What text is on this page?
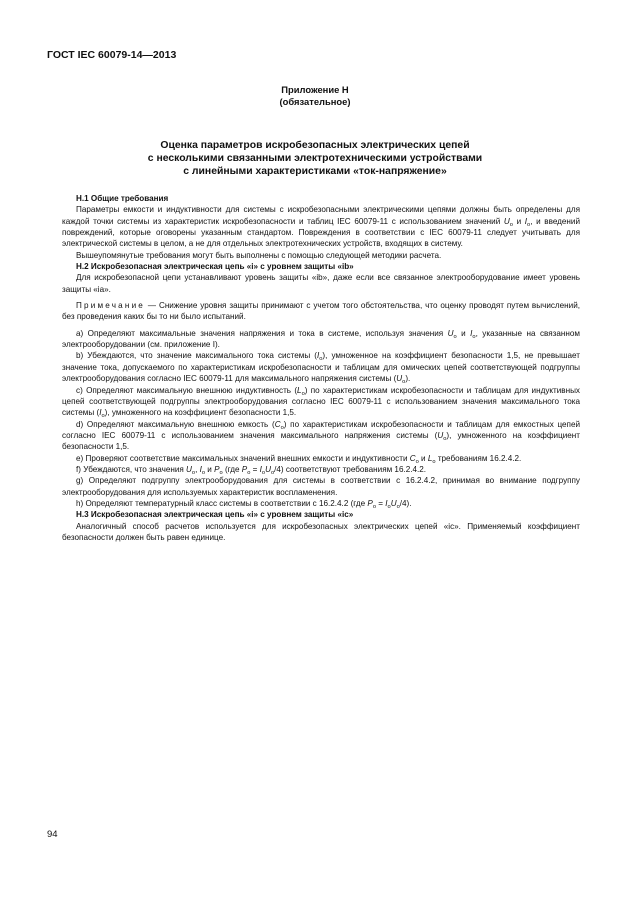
ГОСТ IEC 60079-14—2013
Приложение Н
(обязательное)
Оценка параметров искробезопасных электрических цепей
с несколькими связанными электротехническими устройствами
с линейными характеристиками «ток-напряжение»

Н.1 Общие требования

Параметры емкости и индуктивности для системы с искробезопасными электрическими цепями должны быть определены для каждой точки системы из характеристик искробезопасности и таблиц IEC 60079-11 с использованием значений $U_o$ и $I_o$, и введений повреждений, которые оговорены указанным стандартом. Повреждения в соответствии с IEC 60079-11 следует учитывать для электрической системы в целом, а не для отдельных электротехнических устройств, входящих в систему.

Вышеупомянутые требования могут быть выполнены с помощью следующей методики расчета.

Н.2 Искробезопасная электрическая цепь «i» с уровнем защиты «ib»

Для искробезопасной цепи устанавливают уровень защиты «ib», даже если все связанное электрооборудование имеет уровень защиты «ia».

Примечание — Снижение уровня защиты принимают с учетом того обстоятельства, что оценку проводят путем вычислений, без проведения каких бы то ни было испытаний.

а) Определяют максимальные значения напряжения и тока в системе, используя значения $U_o$ и $I_o$, указанные на связанном электрооборудовании (см. приложение I).

b) Убеждаются, что значение максимального тока системы $(I_o)$, умноженное на коэффициент безопасности 1,5, не превышает значение тока, допускаемого по характеристикам искробезопасности и таблицам для омических цепей соответствующей подгруппы электрооборудования согласно IEC 60079-11 для максимального напряжения системы $(U_o)$.

с) Определяют максимальную внешнюю индуктивность $(L_o)$ по характеристикам искробезопасности и таблицам для индуктивных цепей соответствующей подгруппы электрооборудования согласно IEC 60079-11 с использованием значения максимального тока системы $(I_o)$, умноженного на коэффициент безопасности 1,5.

d) Определяют максимальную внешнюю емкость $(C_o)$ по характеристикам искробезопасности и таблицам для емкостных цепей согласно IEC 60079-11 с использованием значения максимального напряжения системы $(U_o)$, умноженного на коэффициент безопасности 1,5.

е) Проверяют соответствие максимальных значений внешних емкости и индуктивности $C_o$ и $L_o$ требованиям 16.2.4.2.

f) Убеждаются, что значения $U_o$, $I_o$ и $P_o$ (где $P_o = I_oU_o/4$) соответствуют требованиям 16.2.4.2.

g) Определяют подгруппу электрооборудования для системы в соответствии с 16.2.4.2, принимая во внимание подгруппу электрооборудования для используемых характеристик воспламенения.

h) Определяют температурный класс системы в соответствии с 16.2.4.2 (где $P_o = I_oU_o/4$).

Н.3 Искробезопасная электрическая цепь «i» с уровнем защиты «ic»

Аналогичный способ расчетов используется для искробезопасных электрических цепей «ic». Применяемый коэффициент безопасности должен быть равен единице.

94
